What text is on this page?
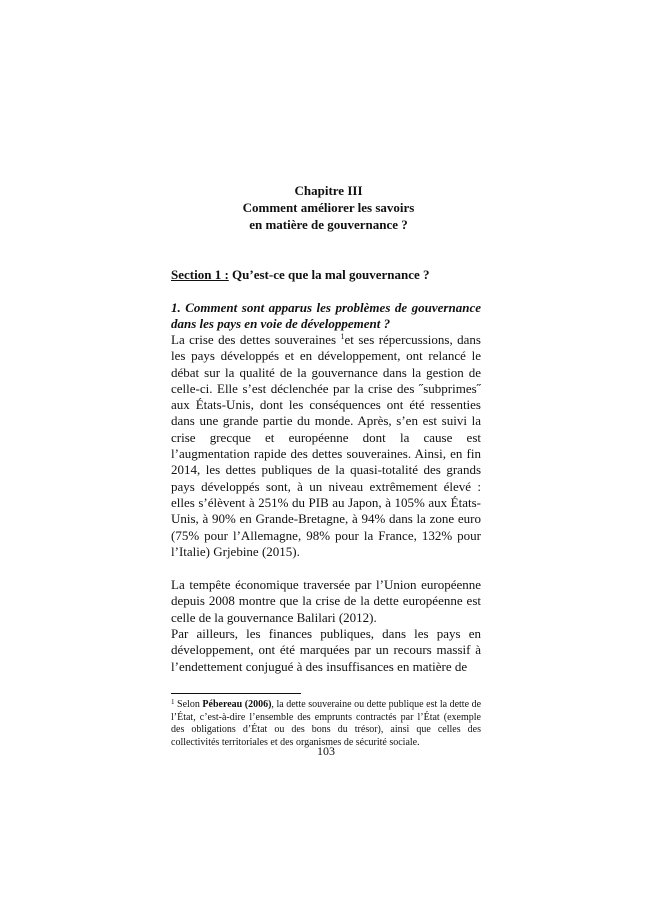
Chapitre III
Comment améliorer les savoirs
en matière de gouvernance ?
Section 1 : Qu’est-ce que la mal gouvernance ?
1. Comment sont apparus les problèmes de gouvernance dans les pays en voie de développement ?
La crise des dettes souveraines $^1$et ses répercussions, dans les pays développés et en développement, ont relancé le débat sur la qualité de la gouvernance dans la gestion de celle-ci. Elle s’est déclenchée par la crise des ˝subprimes˝ aux États-Unis, dont les conséquences ont été ressenties dans une grande partie du monde. Après, s’en est suivi la crise grecque et européenne dont la cause est l’augmentation rapide des dettes souveraines. Ainsi, en fin 2014, les dettes publiques de la quasi-totalité des grands pays développés sont, à un niveau extrêmement élevé : elles s’élèvent à 251% du PIB au Japon, à 105% aux États-Unis, à 90% en Grande-Bretagne, à 94% dans la zone euro (75% pour l’Allemagne, 98% pour la France, 132% pour l’Italie) Grjebine (2015).
La tempête économique traversée par l’Union européenne depuis 2008 montre que la crise de la dette européenne est celle de la gouvernance Balilari (2012).
Par ailleurs, les finances publiques, dans les pays en développement, ont été marquées par un recours massif à l’endettement conjugué à des insuffisances en matière de
$^1$ Selon Pébereau (2006), la dette souveraine ou dette publique est la dette de l’État, c’est-à-dire l’ensemble des emprunts contractés par l’État (exemple des obligations d’État ou des bons du trésor), ainsi que celles des collectivités territoriales et des organismes de sécurité sociale.
103
